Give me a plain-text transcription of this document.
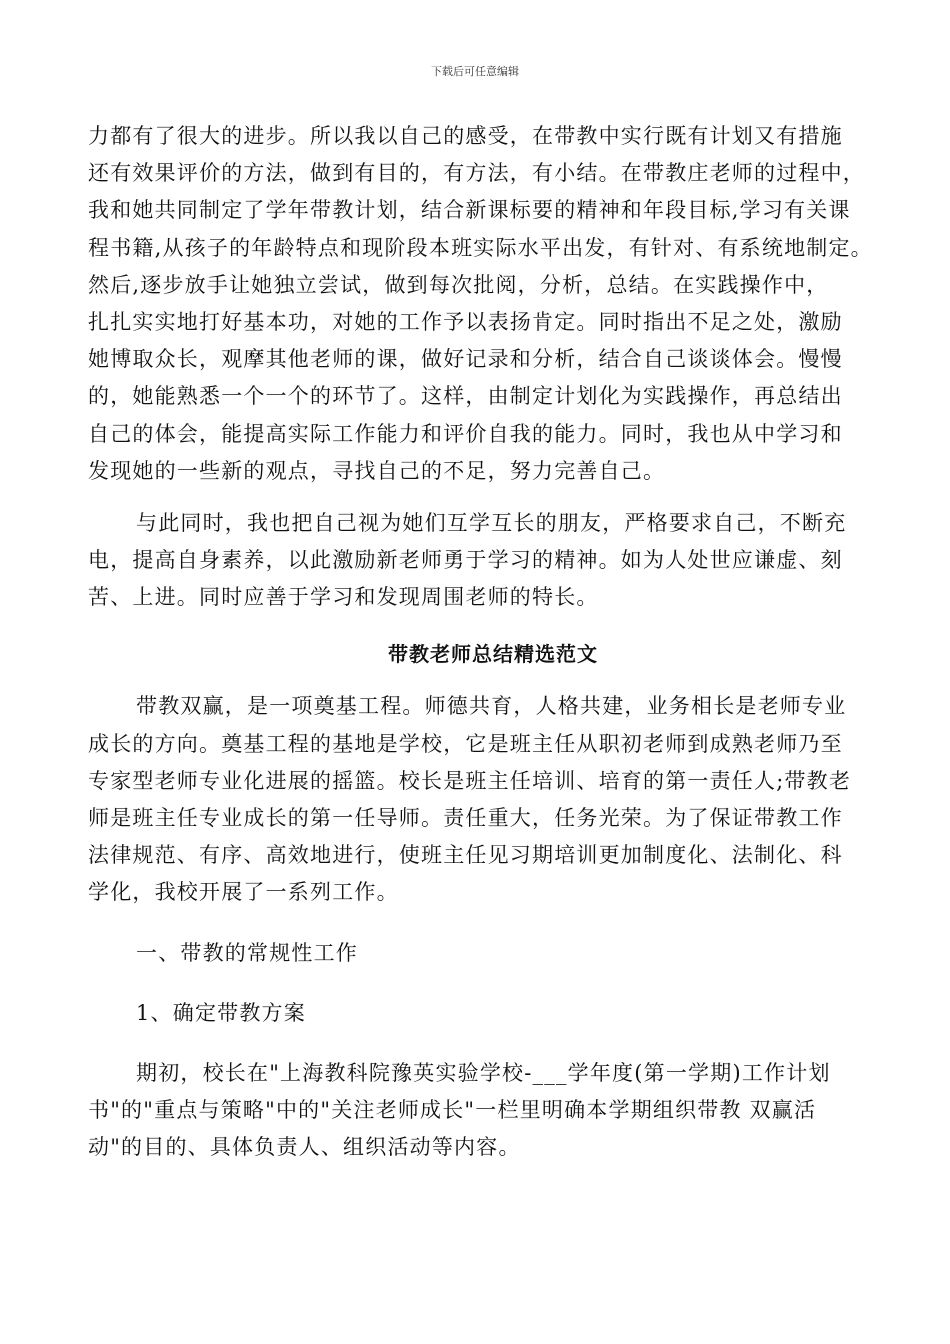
下载后可任意编辑
力都有了很大的进步。所以我以自己的感受，在带教中实行既有计划又有措施
还有效果评价的方法，做到有目的，有方法，有小结。在带教庄老师的过程中，
我和她共同制定了学年带教计划，结合新课标要的精神和年段目标,学习有关课
程书籍,从孩子的年龄特点和现阶段本班实际水平出发，有针对、有系统地制定。
然后,逐步放手让她独立尝试，做到每次批阅，分析，总结。在实践操作中，
扎扎实实地打好基本功，对她的工作予以表扬肯定。同时指出不足之处，激励
她博取众长，观摩其他老师的课，做好记录和分析，结合自己谈谈体会。慢慢
的，她能熟悉一个一个的环节了。这样，由制定计划化为实践操作，再总结出
自己的体会，能提高实际工作能力和评价自我的能力。同时，我也从中学习和
发现她的一些新的观点，寻找自己的不足，努力完善自己。
与此同时，我也把自己视为她们互学互长的朋友，严格要求自己，不断充
电，提高自身素养，以此激励新老师勇于学习的精神。如为人处世应谦虚、刻
苦、上进。同时应善于学习和发现周围老师的特长。
带教老师总结精选范文
带教双赢，是一项奠基工程。师德共育，人格共建，业务相长是老师专业
成长的方向。奠基工程的基地是学校，它是班主任从职初老师到成熟老师乃至
专家型老师专业化进展的摇篮。校长是班主任培训、培育的第一责任人;带教老
师是班主任专业成长的第一任导师。责任重大，任务光荣。为了保证带教工作
法律规范、有序、高效地进行，使班主任见习期培训更加制度化、法制化、科
学化，我校开展了一系列工作。
一、带教的常规性工作
1、确定带教方案
期初，校长在"上海教科院豫英实验学校-___学年度(第一学期)工作计划
书"的"重点与策略"中的"关注老师成长"一栏里明确本学期组织带教 双赢活
动"的目的、具体负责人、组织活动等内容。
